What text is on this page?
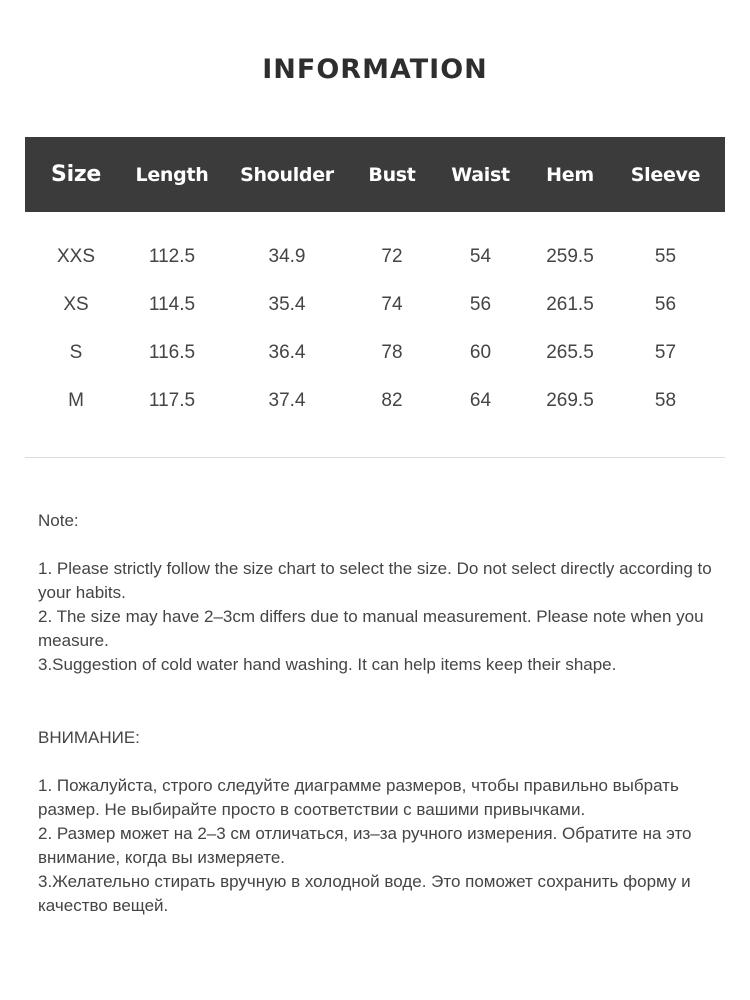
INFORMATION
Size	Length	Shoulder	Bust	Waist	Hem	Sleeve

XXS	112.5	34.9	72	54	259.5	55
XS	114.5	35.4	74	56	261.5	56
S	116.5	36.4	78	60	265.5	57
M	117.5	37.4	82	64	269.5	58

Note:

1. Please strictly follow the size chart to select the size. Do not select directly according to your habits.

2. The size may have 2–3cm differs due to manual measurement. Please note when you measure.

3.Suggestion of cold water hand washing. It can help items keep their shape.

ВНИМАНИЕ:

1. Пожалуйста, строго следуйте диаграмме размеров, чтобы правильно выбрать размер. Не выбирайте просто в соответствии с вашими привычками.

2. Размер может на 2–3 см отличаться, из–за ручного измерения. Обратите на это внимание, когда вы измеряете.

3.Желательно стирать вручную в холодной воде. Это поможет сохранить форму и качество вещей.
